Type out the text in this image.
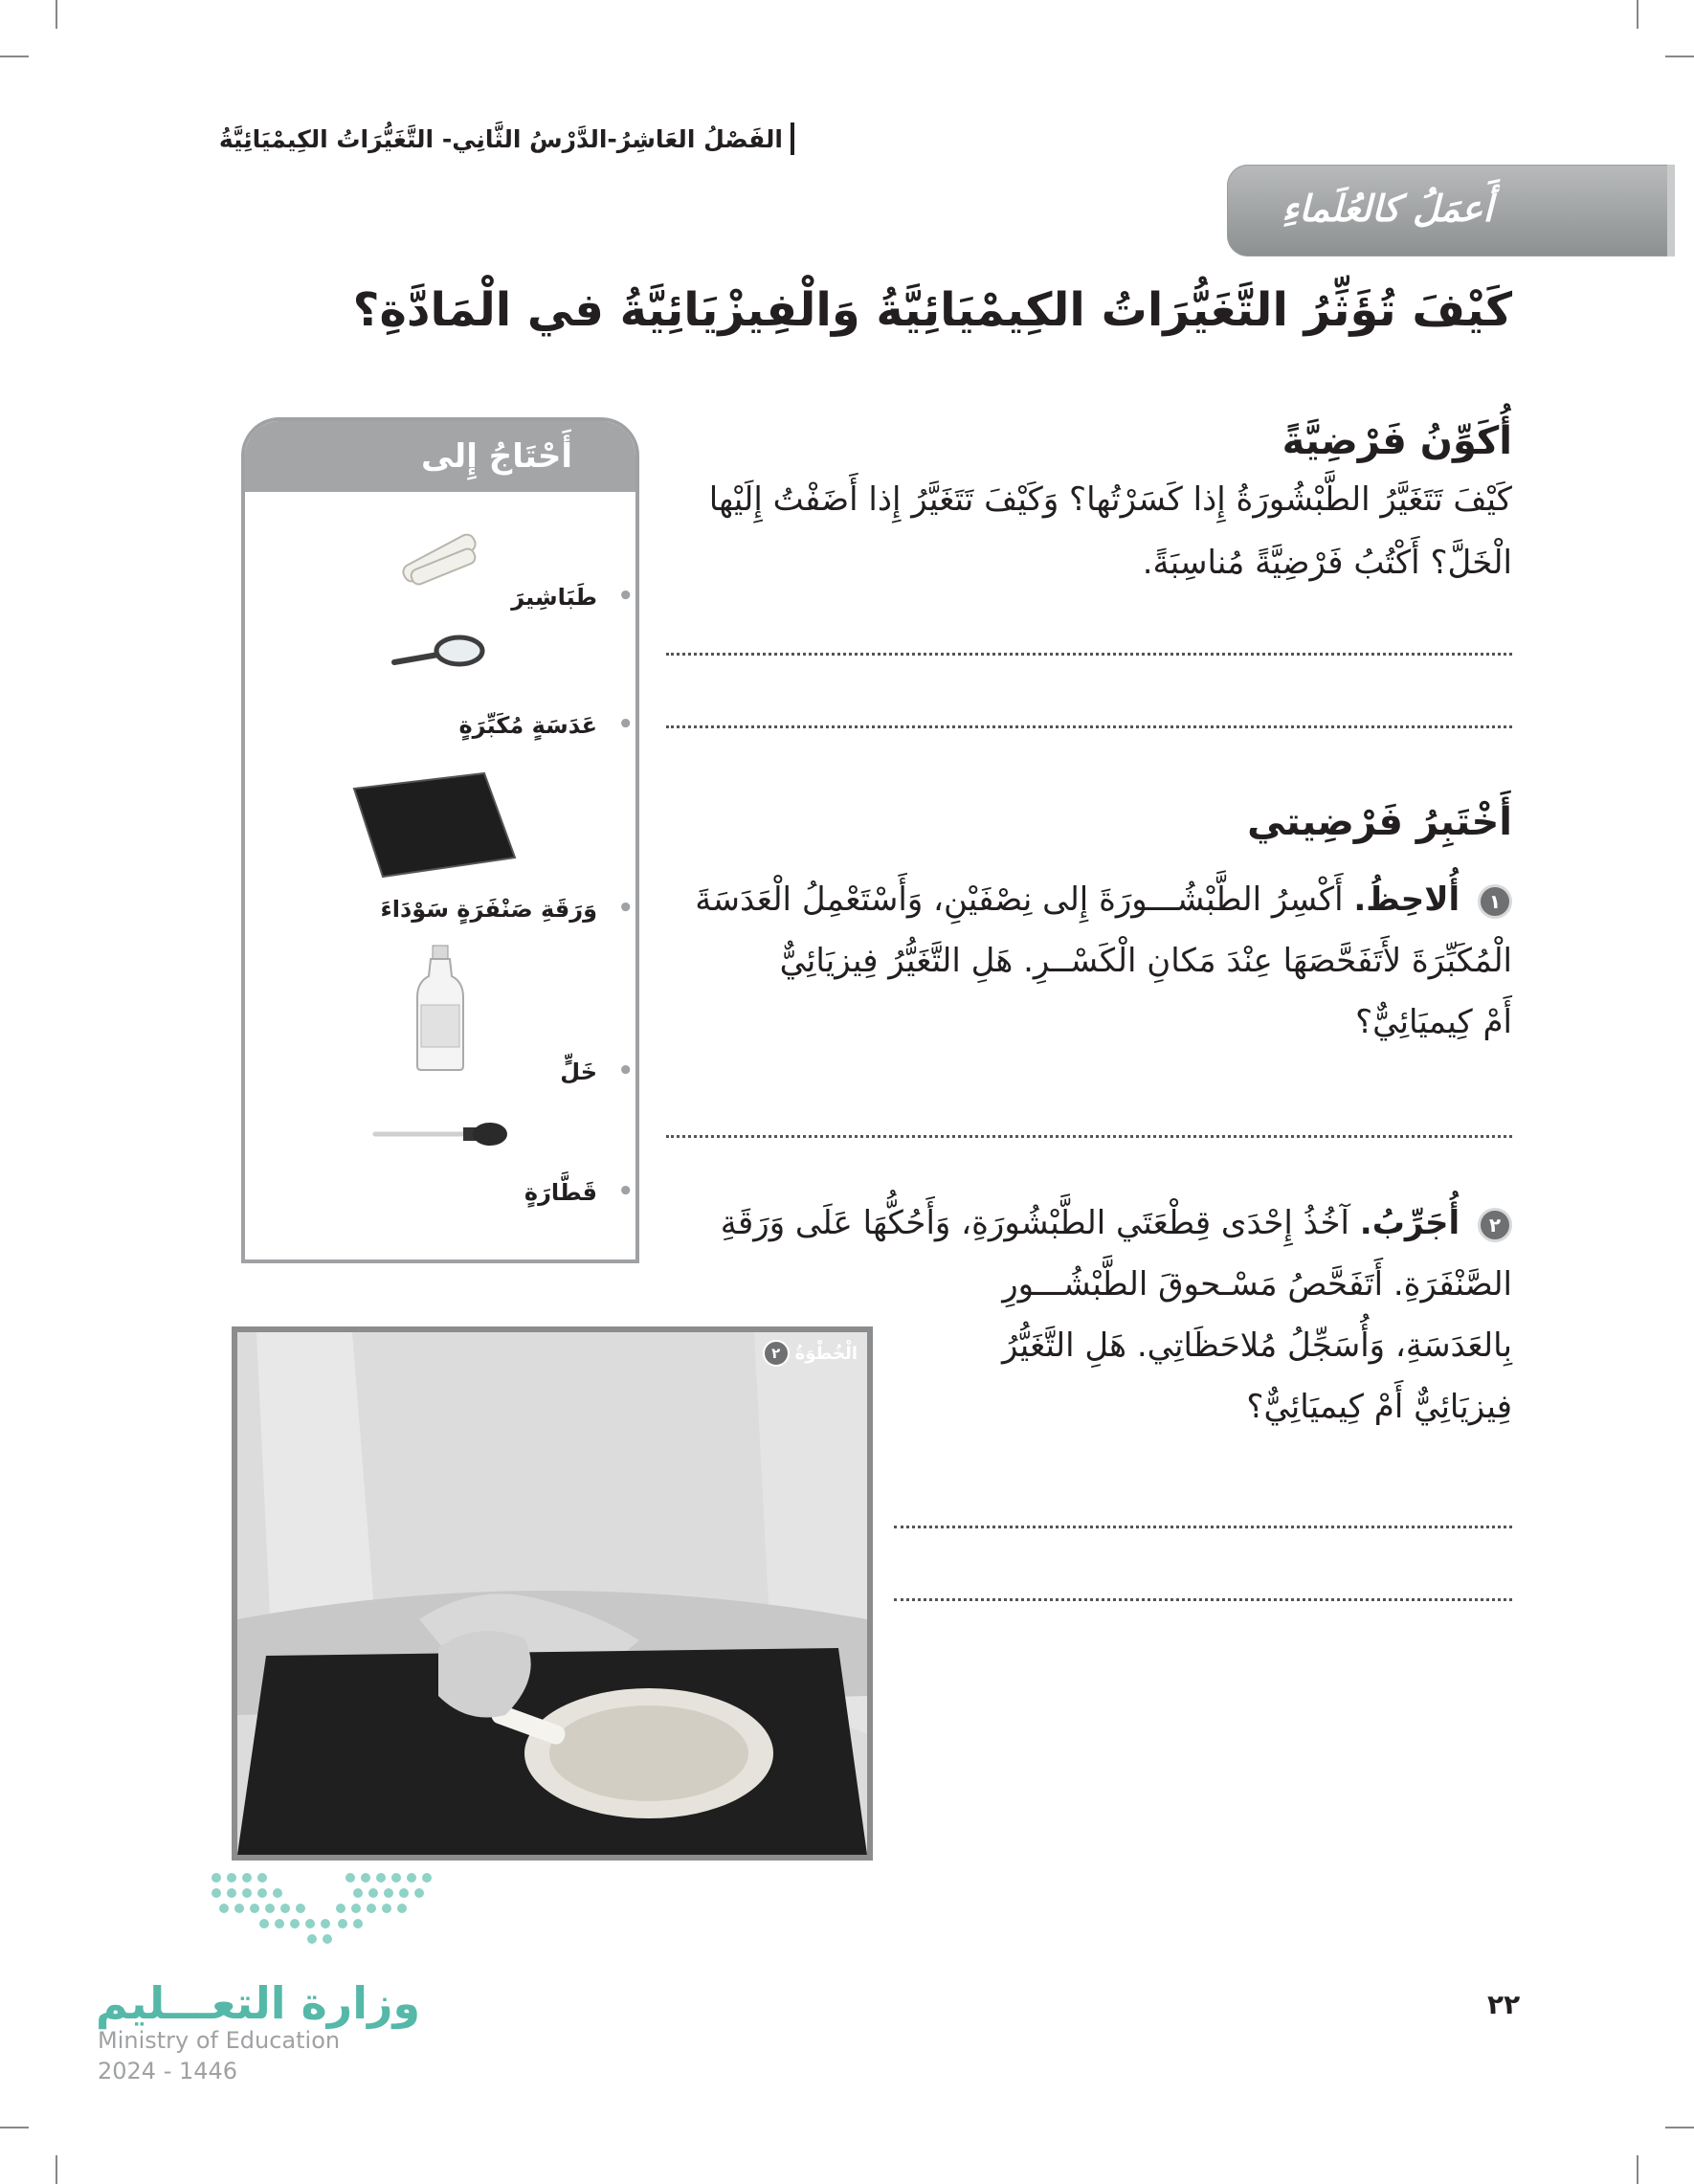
الفَصْلُ العَاشِرُ-الدَّرْسُ الثَّانِي- التَّغَيُّرَاتُ الكِيمْيَائِيَّةُ
أَعمَلُ كالعُلَماءِ
كَيْفَ تُؤَثِّرُ التَّغَيُّرَاتُ الكِيمْيَائِيَّةُ وَالْفِيزْيَائِيَّةُ في الْمَادَّةِ؟
أُكَوِّنُ فَرْضِيَّةً

كَيْفَ تَتَغَيَّرُ الطَّبْشُورَةُ إِذا كَسَرْتُها؟ وَكَيْفَ تَتَغَيَّرُ إِذا أَضَفْتُ إِلَيْها

الْخَلَّ؟ أَكْتُبُ فَرْضِيَّةً مُناسِبَةً.

أَخْتَبِرُ فَرْضِيتي
١ أُلاحِظُ. أَكْسِرُ الطَّبْشُـــورَةَ إِلى نِصْفَيْنِ، وَأَسْتَعْمِلُ الْعَدَسَةَ
الْمُكَبِّرَةَ لأَتَفَحَّصَهَا عِنْدَ مَكانِ الْكَسْــرِ. هَلِ التَّغَيُّرُ فِيزيَائِيٌّ
أَمْ كِيميَائِيٌّ؟
٢ أُجَرِّبُ. آخُذُ إِحْدَى قِطْعَتَي الطَّبْشُورَةِ، وَأَحُكُّهَا عَلَى وَرَقَةِ
الصَّنْفَرَةِ. أَتَفَحَّصُ مَسْـحوقَ الطَّبْشُـــورِ
بِالعَدَسَةِ، وَأُسَجِّلُ مُلاحَظَاتِي. هَلِ التَّغَيُّرُ
فِيزيَائِيٌّ أَمْ كِيميَائِيٌّ؟
أَحْتَاجُ إِلى
• طَبَاشِيرَ
• عَدَسَةٍ مُكَبِّرَةٍ
• وَرَقَةِ صَنْفَرَةٍ سَوْدَاءَ
• خَلٍّ
• قَطَّارَةٍ
الْخُطْوَةُ
٢
وزارة التعـــليم
Ministry of Education
2024 - 1446
٢٢
